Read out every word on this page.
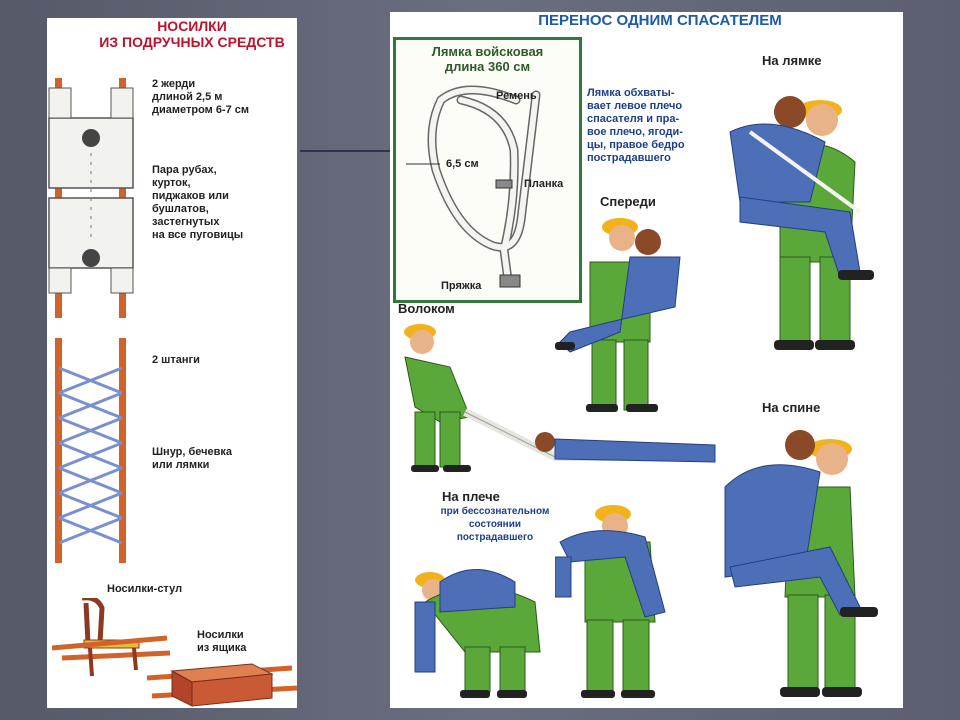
НОСИЛКИ
ИЗ ПОДРУЧНЫХ СРЕДСТВ
2 жерди
длиной 2,5 м
диаметром 6-7 см
Пара рубах,
курток,
пиджаков или
бушлатов,
застегнутых
на все пуговицы
2 штанги
Шнур, бечевка
или лямки
Носилки-стул
Носилки
из ящика
ПЕРЕНОС ОДНИМ СПАСАТЕЛЕМ
Лямка войсковая
длина 360 см
Ремень
6,5 см
Планка
Пряжка
Лямка обхваты-
вает левое плечо
спасателя и пра-
вое плечо, ягоди-
цы, правое бедро
пострадавшего
На лямке
Спереди
Волоком
На спине
На плече
при бессознательном
состоянии
пострадавшего
